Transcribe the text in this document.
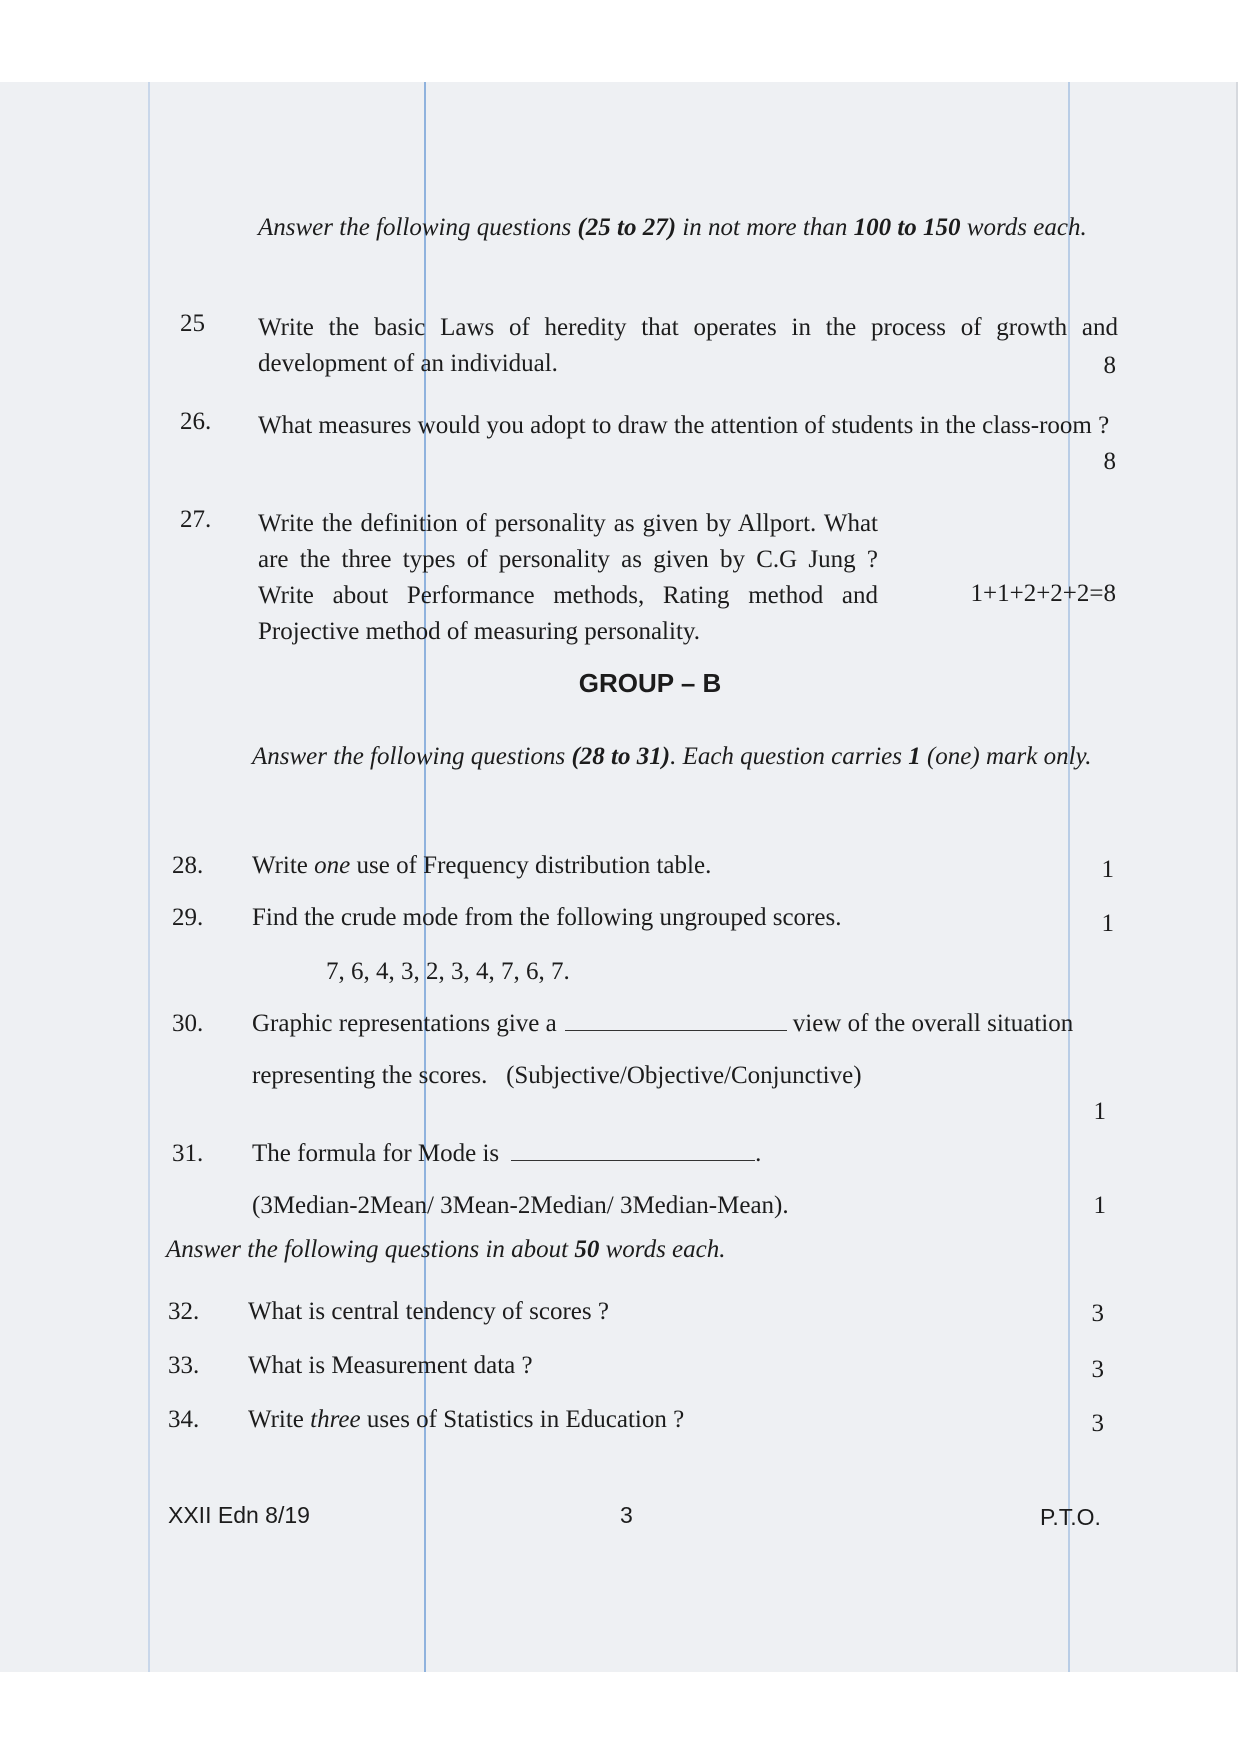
Answer the following questions (25 to 27) in not more than 100 to 150 words each.
25 Write the basic Laws of heredity that operates in the process of growth and development of an individual.	8
26. What measures would you adopt to draw the attention of students in the class-room ?
8
27. Write the definition of personality as given by Allport. What are the three types of personality as given by C.G Jung ? Write about Performance methods, Rating method and Projective method of measuring personality.
1+1+2+2+2=8
GROUP – B
Answer the following questions (28 to 31). Each question carries 1 (one) mark only.
28. Write one use of Frequency distribution table.	1
29. Find the crude mode from the following ungrouped scores.	1
7, 6, 4, 3, 2, 3, 4, 7, 6, 7.
30. Graphic representations give a	view of the overall situation
representing the scores.   (Subjective/Objective/Conjunctive)
1
31. The formula for Mode is	.
(3Median-2Mean/ 3Mean-2Median/ 3Median-Mean).	1
Answer the following questions in about 50 words each.
32. What is central tendency of scores ?	3
33. What is Measurement data ?	3
34. Write three uses of Statistics in Education ?	3
XXII Edn 8/19	3	P.T.O.
